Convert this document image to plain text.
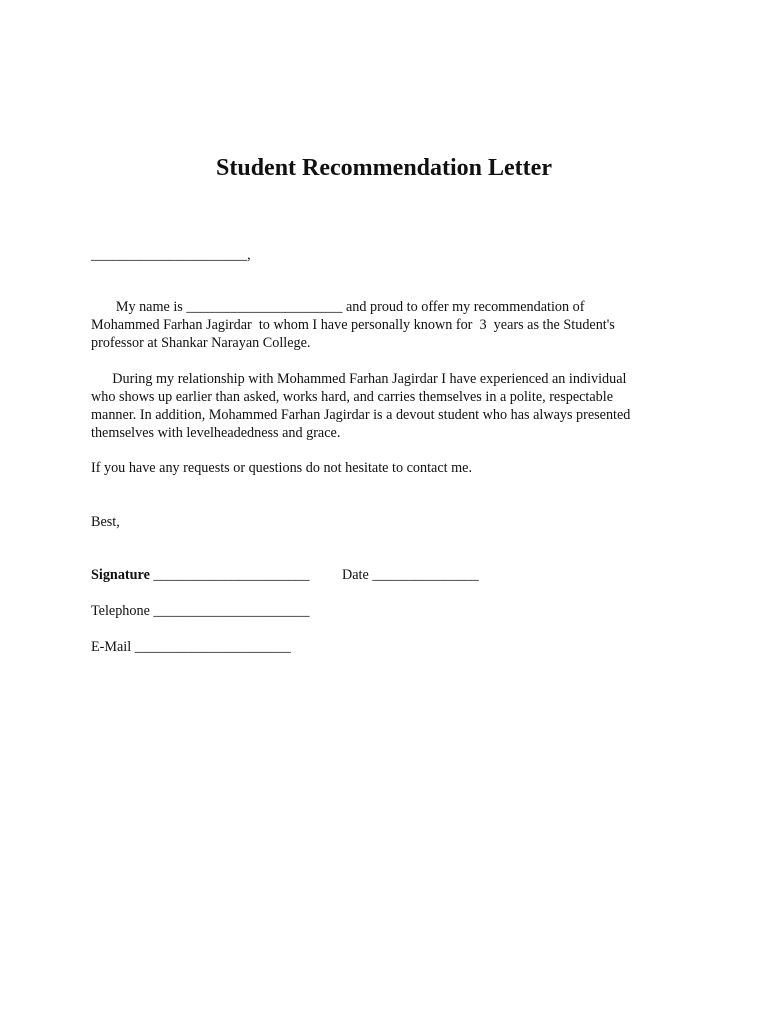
Student Recommendation Letter

______________________,

My name is ______________________ and proud to offer my recommendation of

Mohammed Farhan Jagirdar  to whom I have personally known for  3  years as the Student's

professor at Shankar Narayan College.

During my relationship with Mohammed Farhan Jagirdar I have experienced an individual

who shows up earlier than asked, works hard, and carries themselves in a polite, respectable

manner. In addition, Mohammed Farhan Jagirdar is a devout student who has always presented

themselves with levelheadedness and grace.

If you have any requests or questions do not hesitate to contact me.

Best,

Signature ______________________ Date _______________

Telephone ______________________

E-Mail ______________________
